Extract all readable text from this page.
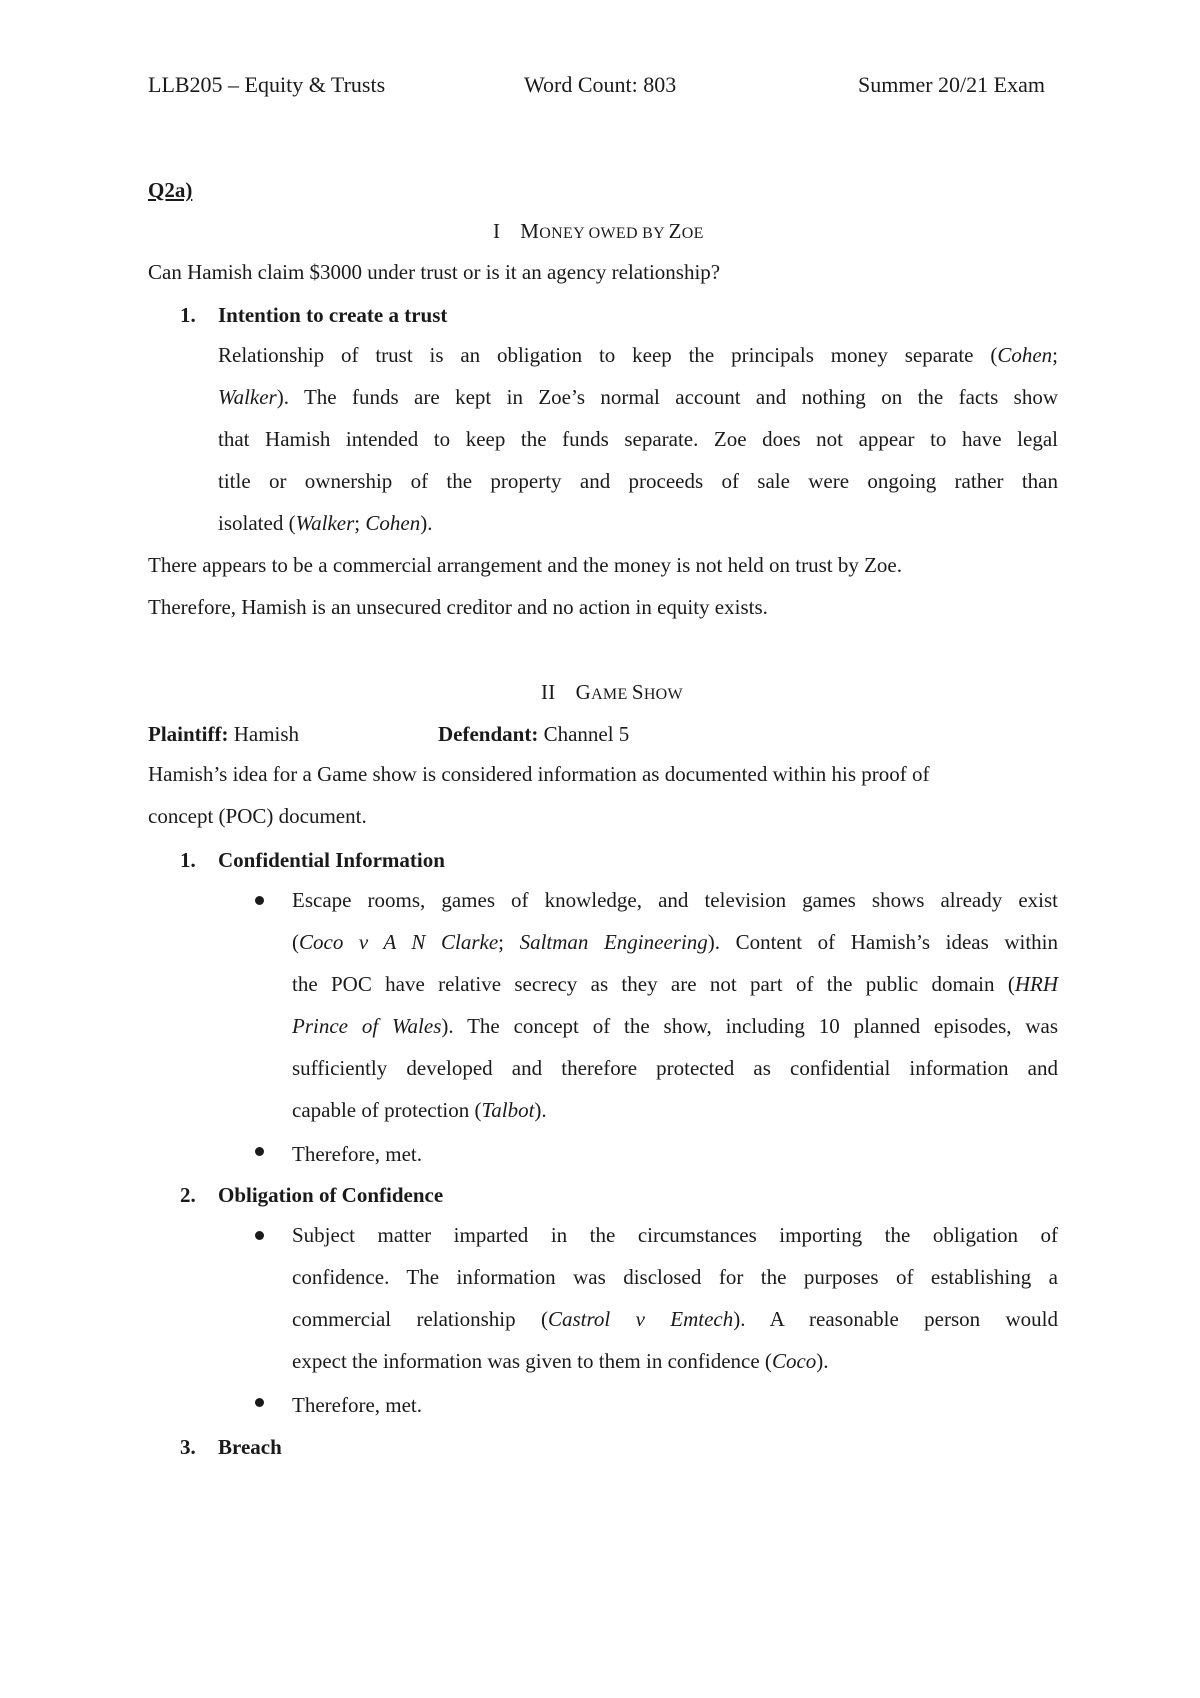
LLB205 – Equity & Trusts	Word Count: 803	Summer 20/21 Exam
Q2a)
I MONEY OWED BY ZOE
Can Hamish claim $3000 under trust or is it an agency relationship?
1. Intention to create a trust
Relationship of trust is an obligation to keep the principals money separate (Cohen;
Walker). The funds are kept in Zoe’s normal account and nothing on the facts show
that Hamish intended to keep the funds separate. Zoe does not appear to have legal
title or ownership of the property and proceeds of sale were ongoing rather than
isolated (Walker; Cohen).
There appears to be a commercial arrangement and the money is not held on trust by Zoe.
Therefore, Hamish is an unsecured creditor and no action in equity exists.
II GAME SHOW
Plaintiff: Hamish	Defendant: Channel 5
Hamish’s idea for a Game show is considered information as documented within his proof of
concept (POC) document.
1. Confidential Information
Escape rooms, games of knowledge, and television games shows already exist
(Coco v A N Clarke; Saltman Engineering). Content of Hamish’s ideas within
the POC have relative secrecy as they are not part of the public domain (HRH
Prince of Wales). The concept of the show, including 10 planned episodes, was
sufficiently developed and therefore protected as confidential information and
capable of protection (Talbot).
Therefore, met.
2. Obligation of Confidence
Subject matter imparted in the circumstances importing the obligation of
confidence. The information was disclosed for the purposes of establishing a
commercial relationship (Castrol v Emtech). A reasonable person would
expect the information was given to them in confidence (Coco).
Therefore, met.
3. Breach
